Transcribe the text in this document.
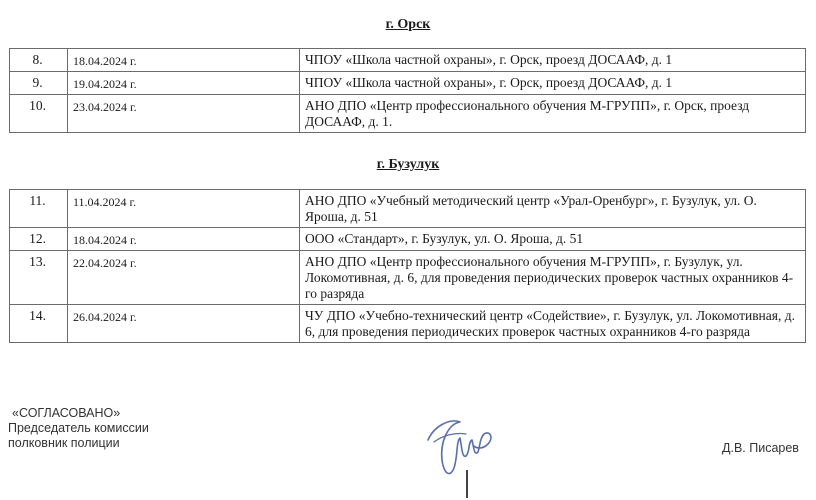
г. Орск
8.	18.04.2024 г.	ЧПОУ «Школа частной охраны», г. Орск, проезд ДОСААФ, д. 1
9.	19.04.2024 г.	ЧПОУ «Школа частной охраны», г. Орск, проезд ДОСААФ, д. 1
10.	23.04.2024 г.	АНО ДПО «Центр профессионального обучения М-ГРУПП», г. Орск, проезд ДОСААФ, д. 1.
г. Бузулук
11.	11.04.2024 г.	АНО ДПО «Учебный методический центр «Урал-Оренбург», г. Бузулук, ул. О. Яроша, д. 51
12.	18.04.2024 г.	ООО «Стандарт», г. Бузулук, ул. О. Яроша, д. 51
13.	22.04.2024 г.	АНО ДПО «Центр профессионального обучения М-ГРУПП», г. Бузулук, ул. Локомотивная, д. 6, для проведения периодических проверок частных охранников 4-го разряда
14.	26.04.2024 г.	ЧУ ДПО «Учебно-технический центр «Содействие», г. Бузулук, ул. Локомотивная, д. 6, для проведения периодических проверок частных охранников 4-го разряда
«СОГЛАСОВАНО»
Председатель комиссии
полковник полиции	Д.В. Писарев
